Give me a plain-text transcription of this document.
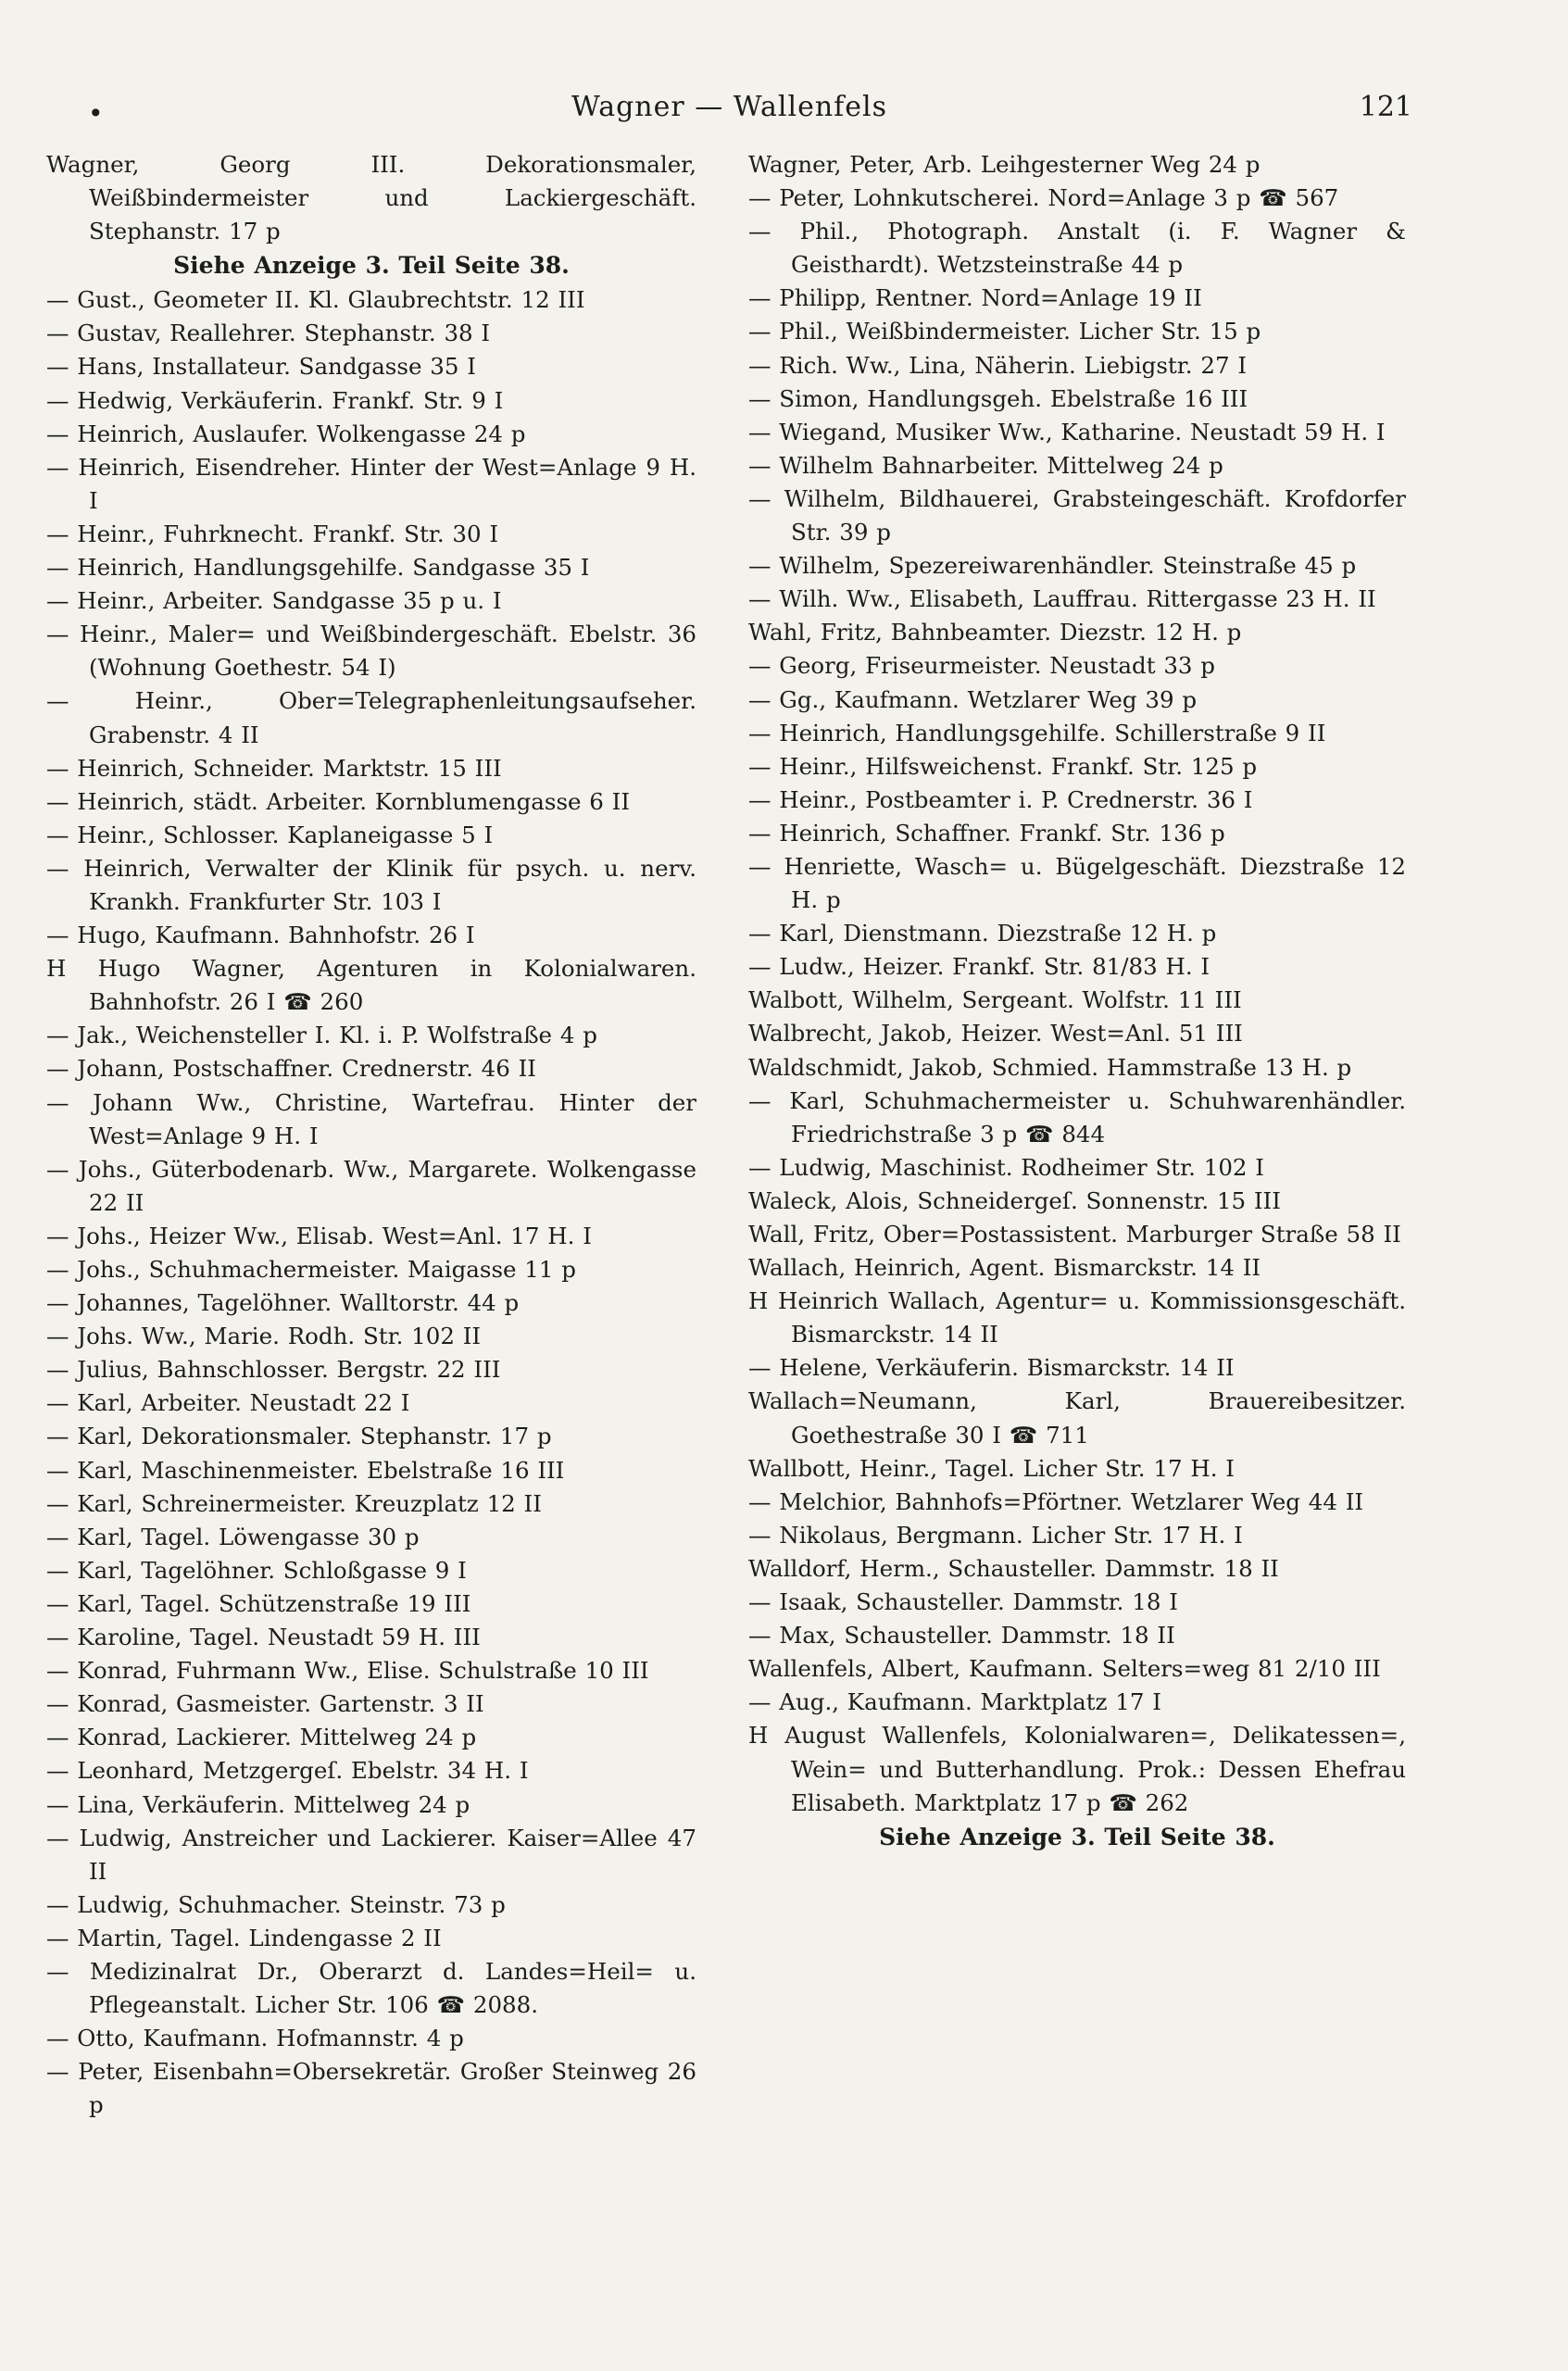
•	Wagner — Wallenfels	121
Wagner, Georg III. Dekorationsmaler, Weißbindermeister und Lackiergeschäft. Stephanstr. 17 p
Siehe Anzeige 3. Teil Seite 38.
— Gust., Geometer II. Kl. Glaubrechtstr. 12 III
— Gustav, Reallehrer. Stephanstr. 38 I
— Hans, Installateur. Sandgasse 35 I
— Hedwig, Verkäuferin. Frankf. Str. 9 I
— Heinrich, Auslaufer. Wolkengasse 24 p
— Heinrich, Eisendreher. Hinter der West=Anlage 9 H. I
— Heinr., Fuhrknecht. Frankf. Str. 30 I
— Heinrich, Handlungsgehilfe. Sandgasse 35 I
— Heinr., Arbeiter. Sandgasse 35 p u. I
— Heinr., Maler= und Weißbindergeschäft. Ebelstr. 36 (Wohnung Goethestr. 54 I)
— Heinr., Ober=Telegraphenleitungsaufseher. Grabenstr. 4 II
— Heinrich, Schneider. Marktstr. 15 III
— Heinrich, städt. Arbeiter. Kornblumengasse 6 II
— Heinr., Schlosser. Kaplaneigasse 5 I
— Heinrich, Verwalter der Klinik für psych. u. nerv. Krankh. Frankfurter Str. 103 I
— Hugo, Kaufmann. Bahnhofstr. 26 I
H Hugo Wagner, Agenturen in Kolonialwaren. Bahnhofstr. 26 I ☎ 260
— Jak., Weichensteller I. Kl. i. P. Wolfstraße 4 p
— Johann, Postschaffner. Crednerstr. 46 II
— Johann Ww., Christine, Wartefrau. Hinter der West=Anlage 9 H. I
— Johs., Güterbodenarb. Ww., Margarete. Wolkengasse 22 II
— Johs., Heizer Ww., Elisab. West=Anl. 17 H. I
— Johs., Schuhmachermeister. Maigasse 11 p
— Johannes, Tagelöhner. Walltorstr. 44 p
— Johs. Ww., Marie. Rodh. Str. 102 II
— Julius, Bahnschlosser. Bergstr. 22 III
— Karl, Arbeiter. Neustadt 22 I
— Karl, Dekorationsmaler. Stephanstr. 17 p
— Karl, Maschinenmeister. Ebelstraße 16 III
— Karl, Schreinermeister. Kreuzplatz 12 II
— Karl, Tagel. Löwengasse 30 p
— Karl, Tagelöhner. Schloßgasse 9 I
— Karl, Tagel. Schützenstraße 19 III
— Karoline, Tagel. Neustadt 59 H. III
— Konrad, Fuhrmann Ww., Elise. Schulstraße 10 III
— Konrad, Gasmeister. Gartenstr. 3 II
— Konrad, Lackierer. Mittelweg 24 p
— Leonhard, Metzgergeſ. Ebelstr. 34 H. I
— Lina, Verkäuferin. Mittelweg 24 p
— Ludwig, Anstreicher und Lackierer. Kaiser=Allee 47 II
— Ludwig, Schuhmacher. Steinstr. 73 p
— Martin, Tagel. Lindengasse 2 II
— Medizinalrat Dr., Oberarzt d. Landes=Heil= u. Pflegeanstalt. Licher Str. 106 ☎ 2088.
— Otto, Kaufmann. Hofmannstr. 4 p
— Peter, Eisenbahn=Obersekretär. Großer Steinweg 26 p
Wagner, Peter, Arb. Leihgesterner Weg 24 p
— Peter, Lohnkutscherei. Nord=Anlage 3 p ☎ 567
— Phil., Photograph. Anstalt (i. F. Wagner & Geisthardt). Wetzsteinstraße 44 p
— Philipp, Rentner. Nord=Anlage 19 II
— Phil., Weißbindermeister. Licher Str. 15 p
— Rich. Ww., Lina, Näherin. Liebigstr. 27 I
— Simon, Handlungsgeh. Ebelstraße 16 III
— Wiegand, Musiker Ww., Katharine. Neustadt 59 H. I
— Wilhelm Bahnarbeiter. Mittelweg 24 p
— Wilhelm, Bildhauerei, Grabsteingeschäft. Krofdorfer Str. 39 p
— Wilhelm, Spezereiwarenhändler. Steinstraße 45 p
— Wilh. Ww., Elisabeth, Lauffrau. Rittergasse 23 H. II
Wahl, Fritz, Bahnbeamter. Diezstr. 12 H. p
— Georg, Friseurmeister. Neustadt 33 p
— Gg., Kaufmann. Wetzlarer Weg 39 p
— Heinrich, Handlungsgehilfe. Schillerstraße 9 II
— Heinr., Hilfsweichenst. Frankf. Str. 125 p
— Heinr., Postbeamter i. P. Crednerstr. 36 I
— Heinrich, Schaffner. Frankf. Str. 136 p
— Henriette, Wasch= u. Bügelgeschäft. Diezstraße 12 H. p
— Karl, Dienstmann. Diezstraße 12 H. p
— Ludw., Heizer. Frankf. Str. 81/83 H. I
Walbott, Wilhelm, Sergeant. Wolfstr. 11 III
Walbrecht, Jakob, Heizer. West=Anl. 51 III
Waldschmidt, Jakob, Schmied. Hammstraße 13 H. p
— Karl, Schuhmachermeister u. Schuhwarenhändler. Friedrichstraße 3 p ☎ 844
— Ludwig, Maschinist. Rodheimer Str. 102 I
Waleck, Alois, Schneidergeſ. Sonnenstr. 15 III
Wall, Fritz, Ober=Postassistent. Marburger Straße 58 II
Wallach, Heinrich, Agent. Bismarckstr. 14 II
H Heinrich Wallach, Agentur= u. Kommissionsgeschäft. Bismarckstr. 14 II
— Helene, Verkäuferin. Bismarckstr. 14 II
Wallach=Neumann, Karl, Brauereibesitzer. Goethestraße 30 I ☎ 711
Wallbott, Heinr., Tagel. Licher Str. 17 H. I
— Melchior, Bahnhofs=Pförtner. Wetzlarer Weg 44 II
— Nikolaus, Bergmann. Licher Str. 17 H. I
Walldorf, Herm., Schausteller. Dammstr. 18 II
— Isaak, Schausteller. Dammstr. 18 I
— Max, Schausteller. Dammstr. 18 II
Wallenfels, Albert, Kaufmann. Selters=weg 81 2/10 III
— Aug., Kaufmann. Marktplatz 17 I
H August Wallenfels, Kolonialwaren=, Delikatessen=, Wein= und Butterhandlung. Prok.: Dessen Ehefrau Elisabeth. Marktplatz 17 p ☎ 262
Siehe Anzeige 3. Teil Seite 38.
